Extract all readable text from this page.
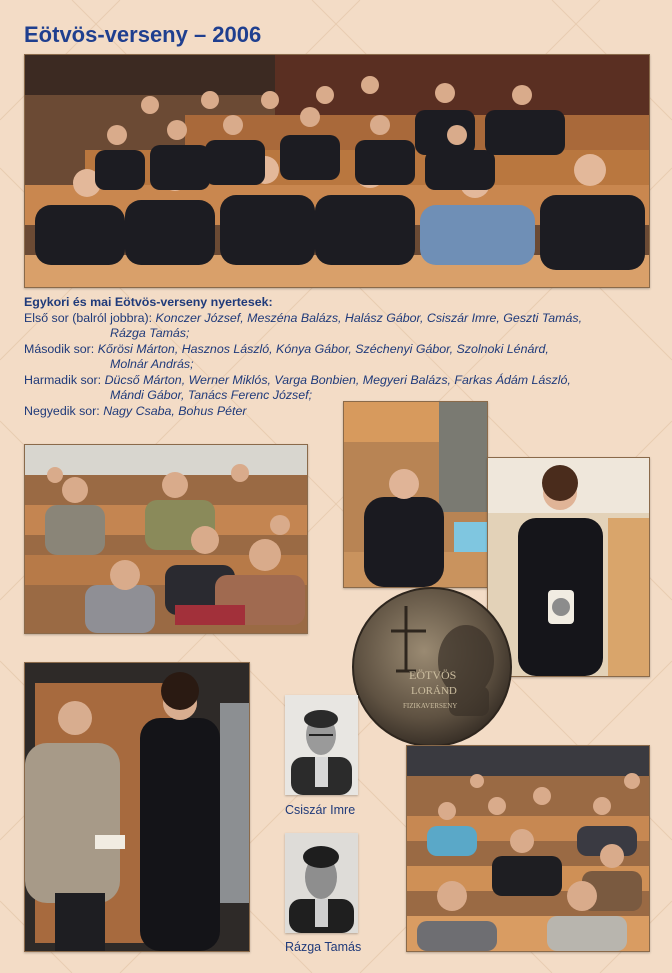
Eötvös-verseny – 2006
Egykori és mai Eötvös-verseny nyertesek:
Első sor (balról jobbra): Konczer József, Meszéna Balázs, Halász Gábor, Csiszár Imre, Geszti Tamás,
Rázga Tamás;
Második sor: Kőrösi Márton, Hasznos László, Kónya Gábor, Széchenyi Gábor, Szolnoki Lénárd,
Molnár András;
Harmadik sor: Dücső Márton, Werner Miklós, Varga Bonbien, Megyeri Balázs, Farkas Ádám László,
Mándi Gábor, Tanács Ferenc József;
Negyedik sor: Nagy Csaba, Bohus Péter
EÖTVÖS
LORÁND
FIZIKAVERSENY
Csiszár Imre
Rázga Tamás
